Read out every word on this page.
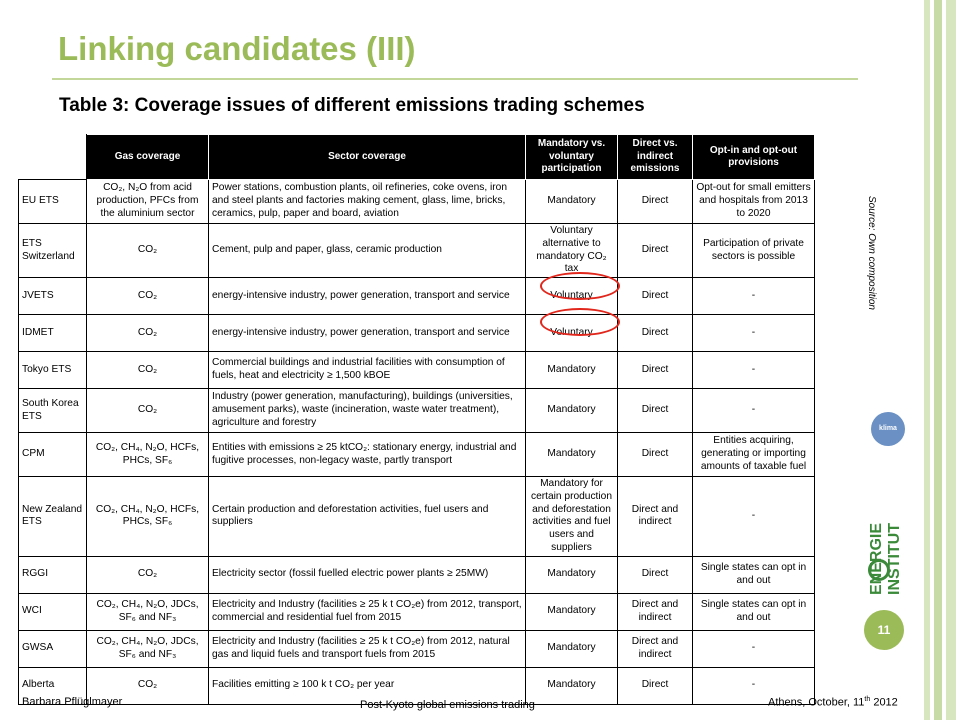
Linking candidates (III)
Table 3: Coverage issues of different emissions trading schemes
	Gas coverage	Sector coverage	Mandatory vs. voluntary participation	Direct vs. indirect emissions	Opt-in and opt-out provisions
EU ETS	CO₂, N₂O from acid production, PFCs from the aluminium sector	Power stations, combustion plants, oil refineries, coke ovens, iron and steel plants and factories making cement, glass, lime, bricks, ceramics, pulp, paper and board, aviation	Mandatory	Direct	Opt-out for small emitters and hospitals from 2013 to 2020
ETS Switzerland	CO₂	Cement, pulp and paper, glass, ceramic production	Voluntary alternative to mandatory CO₂ tax	Direct	Participation of private sectors is possible
JVETS	CO₂	energy-intensive industry, power generation, transport and service	Voluntary	Direct	-
IDMET	CO₂	energy-intensive industry, power generation, transport and service	Voluntary	Direct	-
Tokyo ETS	CO₂	Commercial buildings and industrial facilities with consumption of fuels, heat and electricity ≥ 1,500 kBOE	Mandatory	Direct	-
South Korea ETS	CO₂	Industry (power generation, manufacturing), buildings (universities, amusement parks), waste (incineration, waste water treatment), agriculture and forestry	Mandatory	Direct	-
CPM	CO₂, CH₄, N₂O, HCFs, PHCs, SF₆	Entities with emissions ≥ 25 ktCO₂: stationary energy, industrial and fugitive processes, non-legacy waste, partly transport	Mandatory	Direct	Entities acquiring, generating or importing amounts of taxable fuel
New Zealand ETS	CO₂, CH₄, N₂O, HCFs, PHCs, SF₆	Certain production and deforestation activities, fuel users and suppliers	Mandatory for certain production and deforestation activities and fuel users and suppliers	Direct and indirect	-
RGGI	CO₂	Electricity sector (fossil fuelled electric power plants ≥ 25MW)	Mandatory	Direct	Single states can opt in and out
WCI	CO₂, CH₄, N₂O, JDCs, SF₆ and NF₃	Electricity and Industry (facilities ≥ 25 k t CO₂e) from 2012, transport, commercial and residential fuel from 2015	Mandatory	Direct and indirect	Single states can opt in and out
GWSA	CO₂, CH₄, N₂O, JDCs, SF₆ and NF₃	Electricity and Industry (facilities ≥ 25 k t CO₂e) from 2012, natural gas and liquid fuels and transport fuels from 2015	Mandatory	Direct and indirect	-
Alberta	CO₂	Facilities emitting ≥ 100 k t CO₂ per year	Mandatory	Direct	-
Source: Own composition
klima energie fonds
ENERGIE INSTITUT
11
Barbara Pflüglmayer	Post-Kyoto global emissions trading	Athens, October, 11th 2012
